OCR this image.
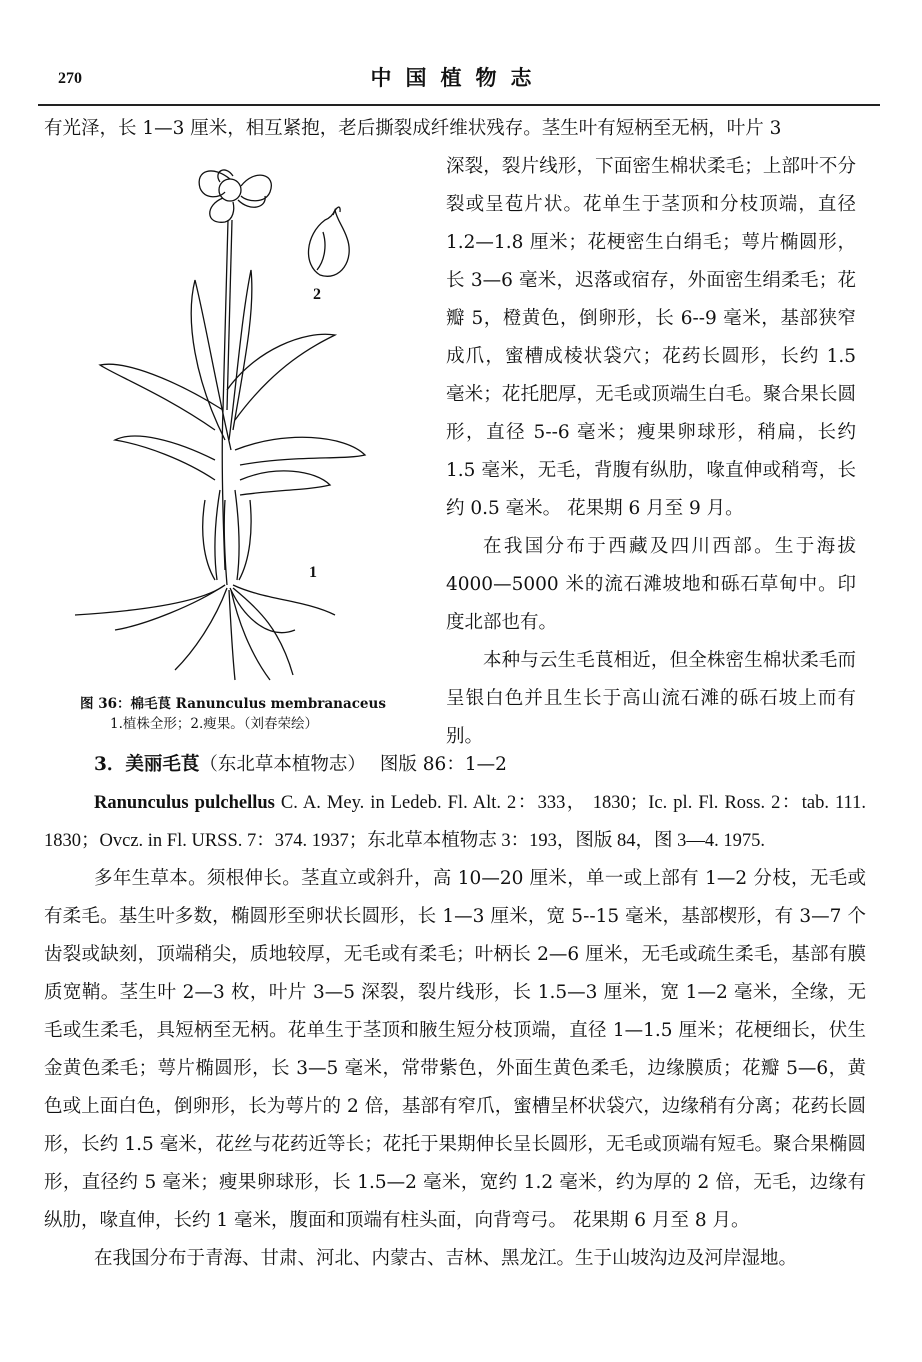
270	中国植物志

有光泽，长 1—3 厘米，相互紧抱，老后撕裂成纤维状残存。茎生叶有短柄至无柄，叶片 3

深裂，裂片线形，下面密生棉状柔毛；上部叶不分裂或呈苞片状。花单生于茎顶和分枝顶端，直径 1.2—1.8 厘米；花梗密生白绢毛；萼片椭圆形，长 3—6 毫米，迟落或宿存，外面密生绢柔毛；花瓣 5，橙黄色，倒卵形，长 6--9 毫米，基部狭窄成爪，蜜槽成棱状袋穴；花药长圆形，长约 1.5 毫米；花托肥厚，无毛或顶端生白毛。聚合果长圆形，直径 5--6 毫米；瘦果卵球形，稍扁，长约 1.5 毫米，无毛，背腹有纵肋，喙直伸或稍弯，长约 0.5 毫米。 花果期 6 月至 9 月。

在我国分布于西藏及四川西部。生于海拔 4000—5000 米的流石滩坡地和砾石草甸中。印度北部也有。

本种与云生毛茛相近，但全株密生棉状柔毛而呈银白色并且生长于高山流石滩的砾石坡上而有别。

2
1
图 36：棉毛茛 Ranunculus membranaceus
1.植株全形；2.瘦果。（刘春荣绘）
3．美丽毛茛（东北草本植物志） 图版 86：1—2

Ranunculus pulchellus C. A. Mey. in Ledeb. Fl. Alt. 2：333， 1830；Ic. pl. Fl. Ross. 2：tab. 111. 1830；Ovcz. in Fl. URSS. 7：374. 1937；东北草本植物志 3：193，图版 84，图 3—4. 1975.

多年生草本。须根伸长。茎直立或斜升，高 10—20 厘米，单一或上部有 1—2 分枝，无毛或有柔毛。基生叶多数，椭圆形至卵状长圆形，长 1—3 厘米，宽 5--15 毫米，基部楔形，有 3—7 个齿裂或缺刻，顶端稍尖，质地较厚，无毛或有柔毛；叶柄长 2—6 厘米，无毛或疏生柔毛，基部有膜质宽鞘。茎生叶 2—3 枚，叶片 3—5 深裂，裂片线形，长 1.5—3 厘米，宽 1—2 毫米，全缘，无毛或生柔毛，具短柄至无柄。花单生于茎顶和腋生短分枝顶端，直径 1—1.5 厘米；花梗细长，伏生金黄色柔毛；萼片椭圆形，长 3—5 毫米，常带紫色，外面生黄色柔毛，边缘膜质；花瓣 5—6，黄色或上面白色，倒卵形，长为萼片的 2 倍，基部有窄爪，蜜槽呈杯状袋穴，边缘稍有分离；花药长圆形，长约 1.5 毫米，花丝与花药近等长；花托于果期伸长呈长圆形，无毛或顶端有短毛。聚合果椭圆形，直径约 5 毫米；瘦果卵球形，长 1.5—2 毫米，宽约 1.2 毫米，约为厚的 2 倍，无毛，边缘有纵肋，喙直伸，长约 1 毫米，腹面和顶端有柱头面，向背弯弓。 花果期 6 月至 8 月。

在我国分布于青海、甘肃、河北、内蒙古、吉林、黑龙江。生于山坡沟边及河岸湿地。
